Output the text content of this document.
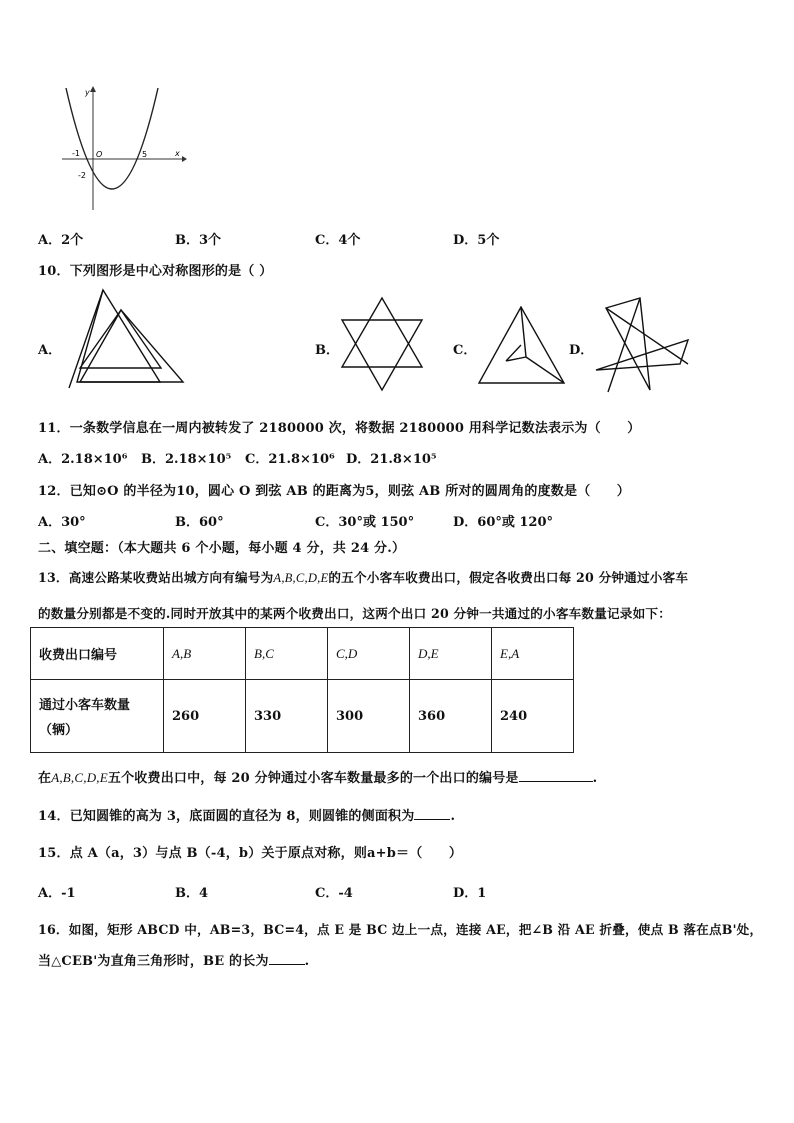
y
x
-1 O	5
-2
A．2个	B．3个	C．4个	D．5个
10．下列图形是中心对称图形的是（ ）
A．	B．	C．	D．
11．一条数学信息在一周内被转发了 2180000 次，将数据 2180000 用科学记数法表示为（　　）
A．2.18×10⁶ B．2.18×10⁵ C．21.8×10⁶ D．21.8×10⁵
12．已知⊙O 的半径为10，圆心 O 到弦 AB 的距离为5，则弦 AB 所对的圆周角的度数是（　　）
A．30°	B．60°	C．30°或 150°	D．60°或 120°
二、填空题：（本大题共 6 个小题，每小题 4 分，共 24 分.）
13．高速公路某收费站出城方向有编号为A,B,C,D,E的五个小客车收费出口，假定各收费出口每 20 分钟通过小客车
的数量分别都是不变的.同时开放其中的某两个收费出口，这两个出口 20 分钟一共通过的小客车数量记录如下：
收费出口编号	A,B	B,C	C,D	D,E	E,A

通过小客车数量
（辆）	260	330	300	360	240
在A,B,C,D,E五个收费出口中，每 20 分钟通过小客车数量最多的一个出口的编号是	.
14．已知圆锥的高为 3，底面圆的直径为 8，则圆锥的侧面积为	.
15．点 A（a，3）与点 B（-4，b）关于原点对称，则a+b＝（　　）
A．-1	B．4	C．-4	D．1
16．如图，矩形 ABCD 中，AB=3，BC=4，点 E 是 BC 边上一点，连接 AE，把∠B 沿 AE 折叠，使点 B 落在点B'处，
当△CEB'为直角三角形时，BE 的长为	.
